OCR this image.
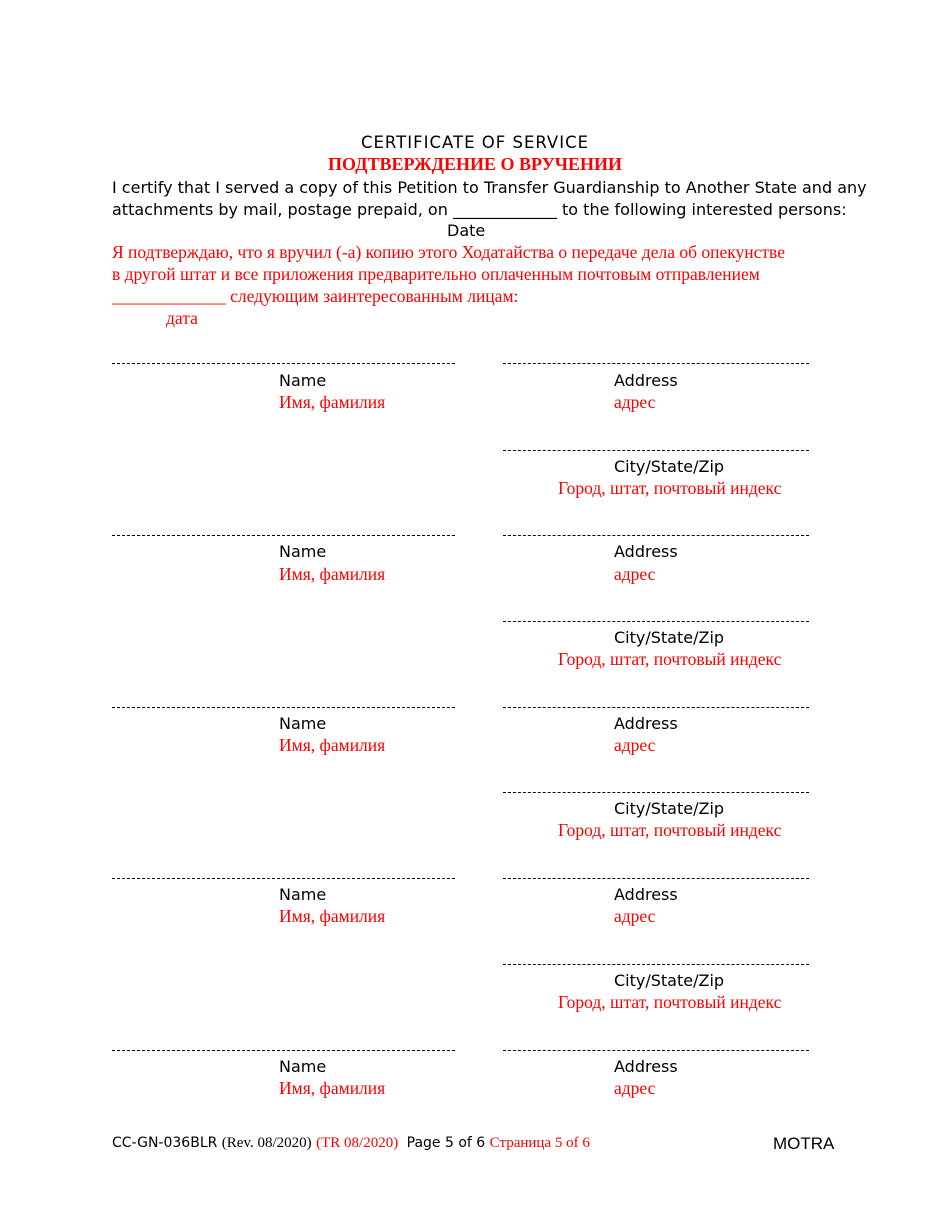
CERTIFICATE OF SERVICE
ПОДТВЕРЖДЕНИЕ О ВРУЧЕНИИ
I certify that I served a copy of this Petition to Transfer Guardianship to Another State and any
attachments by mail, postage prepaid, on _____________ to the following interested persons:
Date
Я подтверждаю, что я вручил (-а) копию этого Ходатайства о передаче дела об опекунстве
в другой штат и все приложения предварительно оплаченным почтовым отправлением
_____________ следующим заинтересованным лицам:
дата
Name
Имя, фамилия
Address
адрес
City/State/Zip
Город, штат, почтовый индекс
Name
Имя, фамилия
Address
адрес
City/State/Zip
Город, штат, почтовый индекс
Name
Имя, фамилия
Address
адрес
City/State/Zip
Город, штат, почтовый индекс
Name
Имя, фамилия
Address
адрес
City/State/Zip
Город, штат, почтовый индекс
Name
Имя, фамилия
Address
адрес
CC-GN-036BLR (Rev. 08/2020) (TR 08/2020) Page 5 of 6 Страница 5 of 6	MOTRA
